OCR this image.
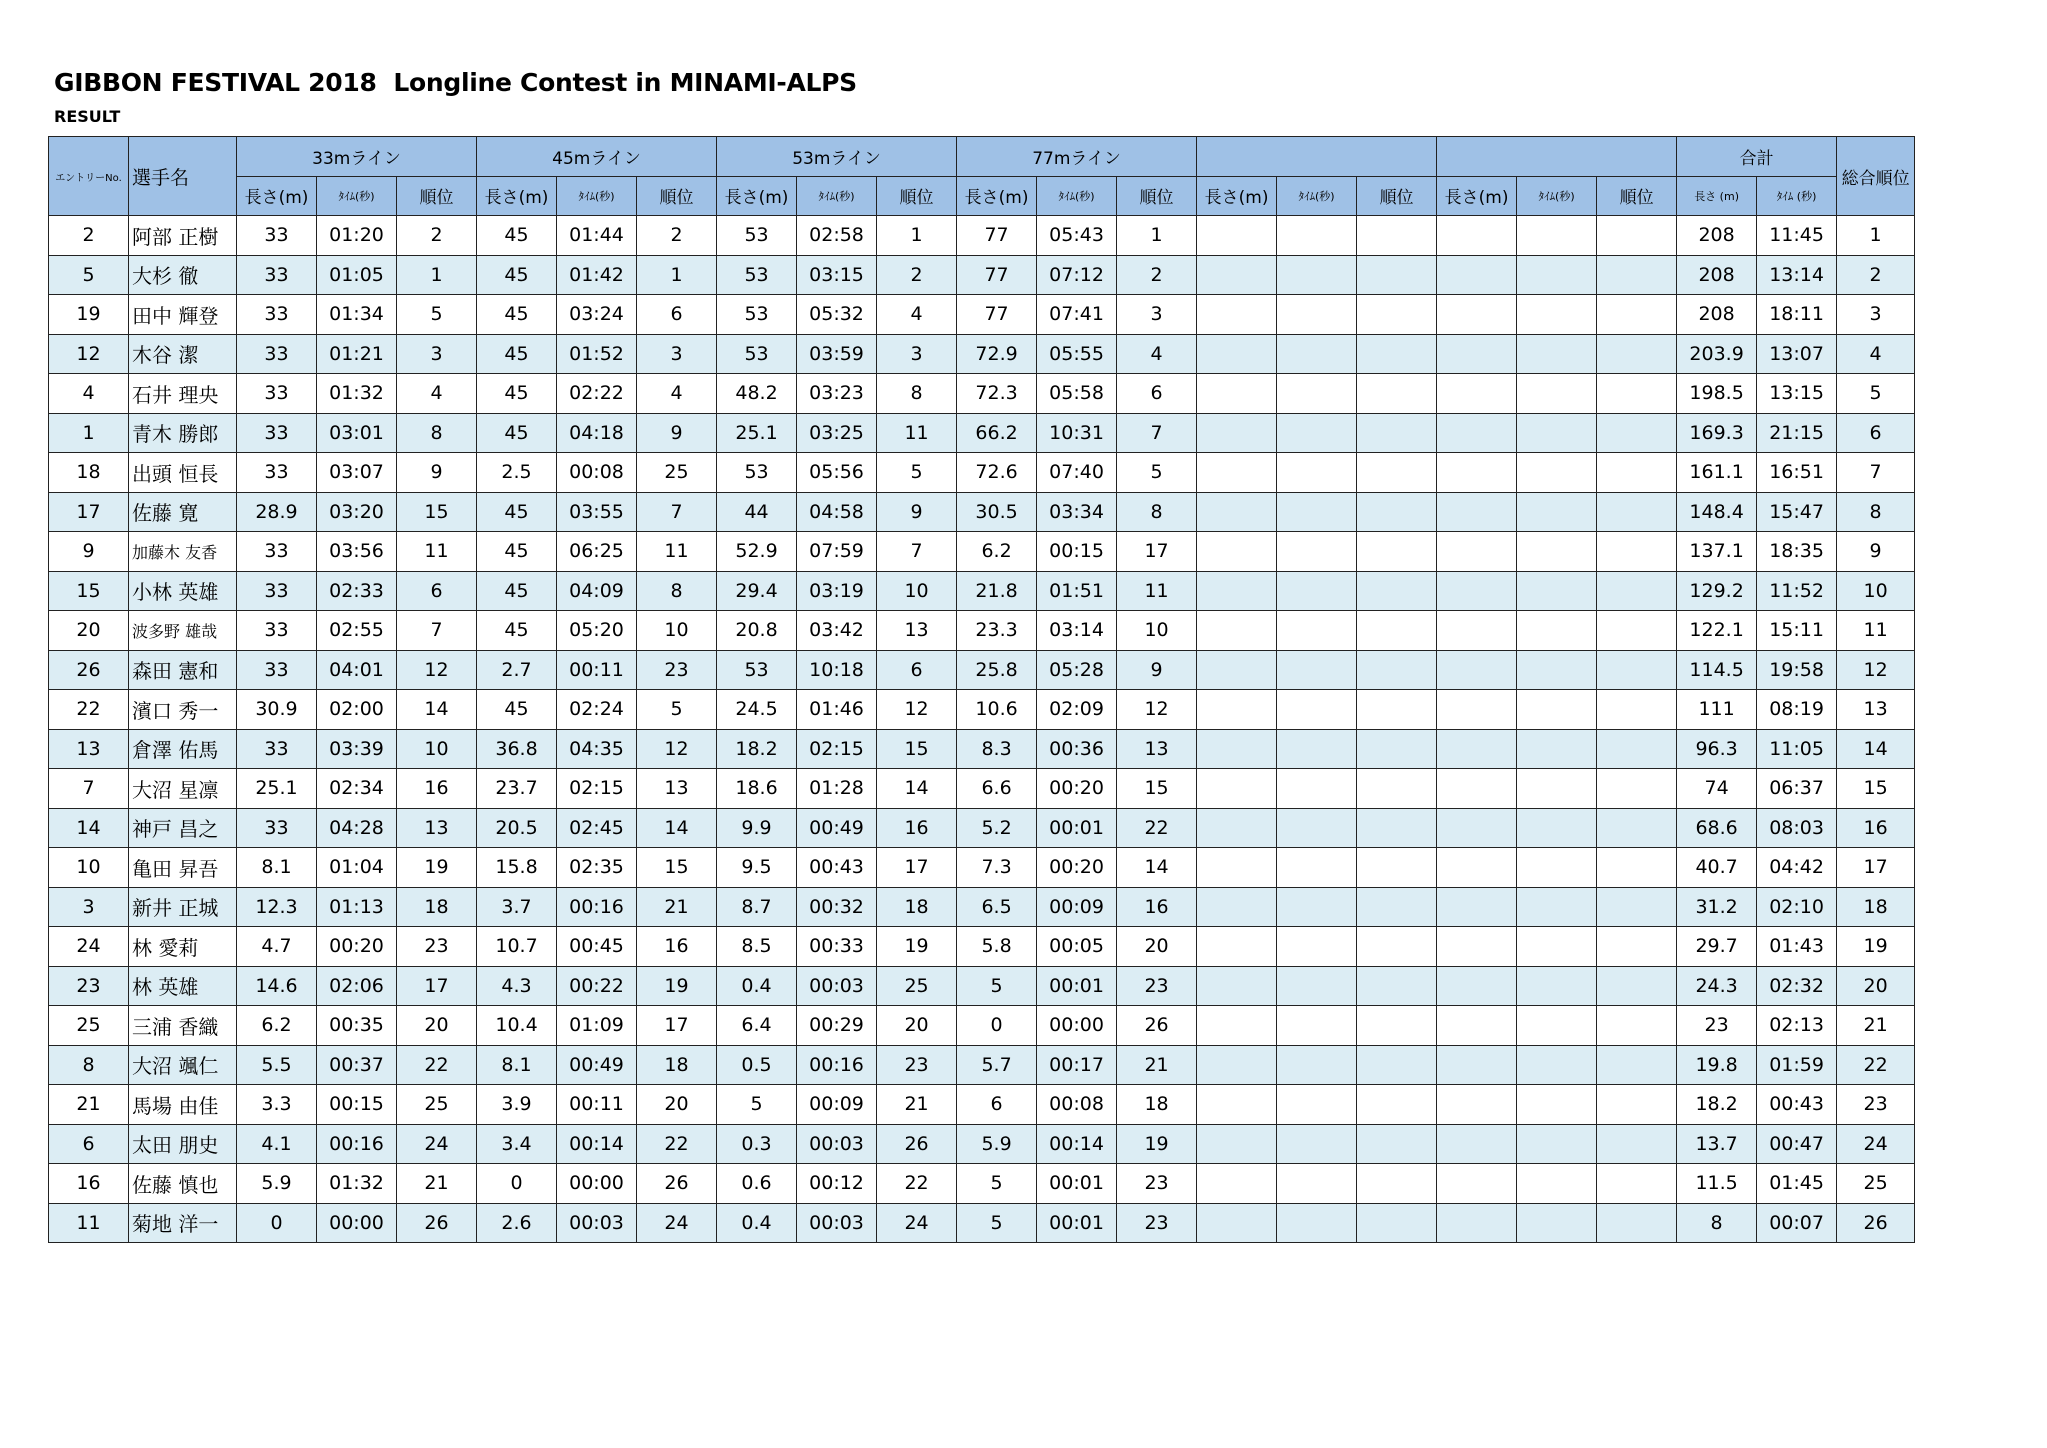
GIBBON FESTIVAL 2018  Longline Contest in MINAMI-ALPS
RESULT
エントリーNo.	選手名	33mライン			45mライン			53mライン			77mライン									合計		総合順位
		長さ(m)	ﾀｲﾑ(秒)	順位	長さ(m)	ﾀｲﾑ(秒)	順位	長さ(m)	ﾀｲﾑ(秒)	順位	長さ(m)	ﾀｲﾑ(秒)	順位	長さ(m)	ﾀｲﾑ(秒)	順位	長さ(m)	ﾀｲﾑ(秒)	順位	長さ (m)	ﾀｲﾑ (秒)	
2	阿部 正樹	33	01:20	2	45	01:44	2	53	02:58	1	77	05:43	1							208	11:45	1
5	大杉 徹	33	01:05	1	45	01:42	1	53	03:15	2	77	07:12	2							208	13:14	2
19	田中 輝登	33	01:34	5	45	03:24	6	53	05:32	4	77	07:41	3							208	18:11	3
12	木谷 潔	33	01:21	3	45	01:52	3	53	03:59	3	72.9	05:55	4							203.9	13:07	4
4	石井 理央	33	01:32	4	45	02:22	4	48.2	03:23	8	72.3	05:58	6							198.5	13:15	5
1	青木 勝郎	33	03:01	8	45	04:18	9	25.1	03:25	11	66.2	10:31	7							169.3	21:15	6
18	出頭 恒長	33	03:07	9	2.5	00:08	25	53	05:56	5	72.6	07:40	5							161.1	16:51	7
17	佐藤 寛	28.9	03:20	15	45	03:55	7	44	04:58	9	30.5	03:34	8							148.4	15:47	8
9	加藤木 友香	33	03:56	11	45	06:25	11	52.9	07:59	7	6.2	00:15	17							137.1	18:35	9
15	小林 英雄	33	02:33	6	45	04:09	8	29.4	03:19	10	21.8	01:51	11							129.2	11:52	10
20	波多野 雄哉	33	02:55	7	45	05:20	10	20.8	03:42	13	23.3	03:14	10							122.1	15:11	11
26	森田 憲和	33	04:01	12	2.7	00:11	23	53	10:18	6	25.8	05:28	9							114.5	19:58	12
22	濱口 秀一	30.9	02:00	14	45	02:24	5	24.5	01:46	12	10.6	02:09	12							111	08:19	13
13	倉澤 佑馬	33	03:39	10	36.8	04:35	12	18.2	02:15	15	8.3	00:36	13							96.3	11:05	14
7	大沼 星凛	25.1	02:34	16	23.7	02:15	13	18.6	01:28	14	6.6	00:20	15							74	06:37	15
14	神戸 昌之	33	04:28	13	20.5	02:45	14	9.9	00:49	16	5.2	00:01	22							68.6	08:03	16
10	亀田 昇吾	8.1	01:04	19	15.8	02:35	15	9.5	00:43	17	7.3	00:20	14							40.7	04:42	17
3	新井 正城	12.3	01:13	18	3.7	00:16	21	8.7	00:32	18	6.5	00:09	16							31.2	02:10	18
24	林 愛莉	4.7	00:20	23	10.7	00:45	16	8.5	00:33	19	5.8	00:05	20							29.7	01:43	19
23	林 英雄	14.6	02:06	17	4.3	00:22	19	0.4	00:03	25	5	00:01	23							24.3	02:32	20
25	三浦 香織	6.2	00:35	20	10.4	01:09	17	6.4	00:29	20	0	00:00	26							23	02:13	21
8	大沼 颯仁	5.5	00:37	22	8.1	00:49	18	0.5	00:16	23	5.7	00:17	21							19.8	01:59	22
21	馬場 由佳	3.3	00:15	25	3.9	00:11	20	5	00:09	21	6	00:08	18							18.2	00:43	23
6	太田 朋史	4.1	00:16	24	3.4	00:14	22	0.3	00:03	26	5.9	00:14	19							13.7	00:47	24
16	佐藤 慎也	5.9	01:32	21	0	00:00	26	0.6	00:12	22	5	00:01	23							11.5	01:45	25
11	菊地 洋一	0	00:00	26	2.6	00:03	24	0.4	00:03	24	5	00:01	23							8	00:07	26
